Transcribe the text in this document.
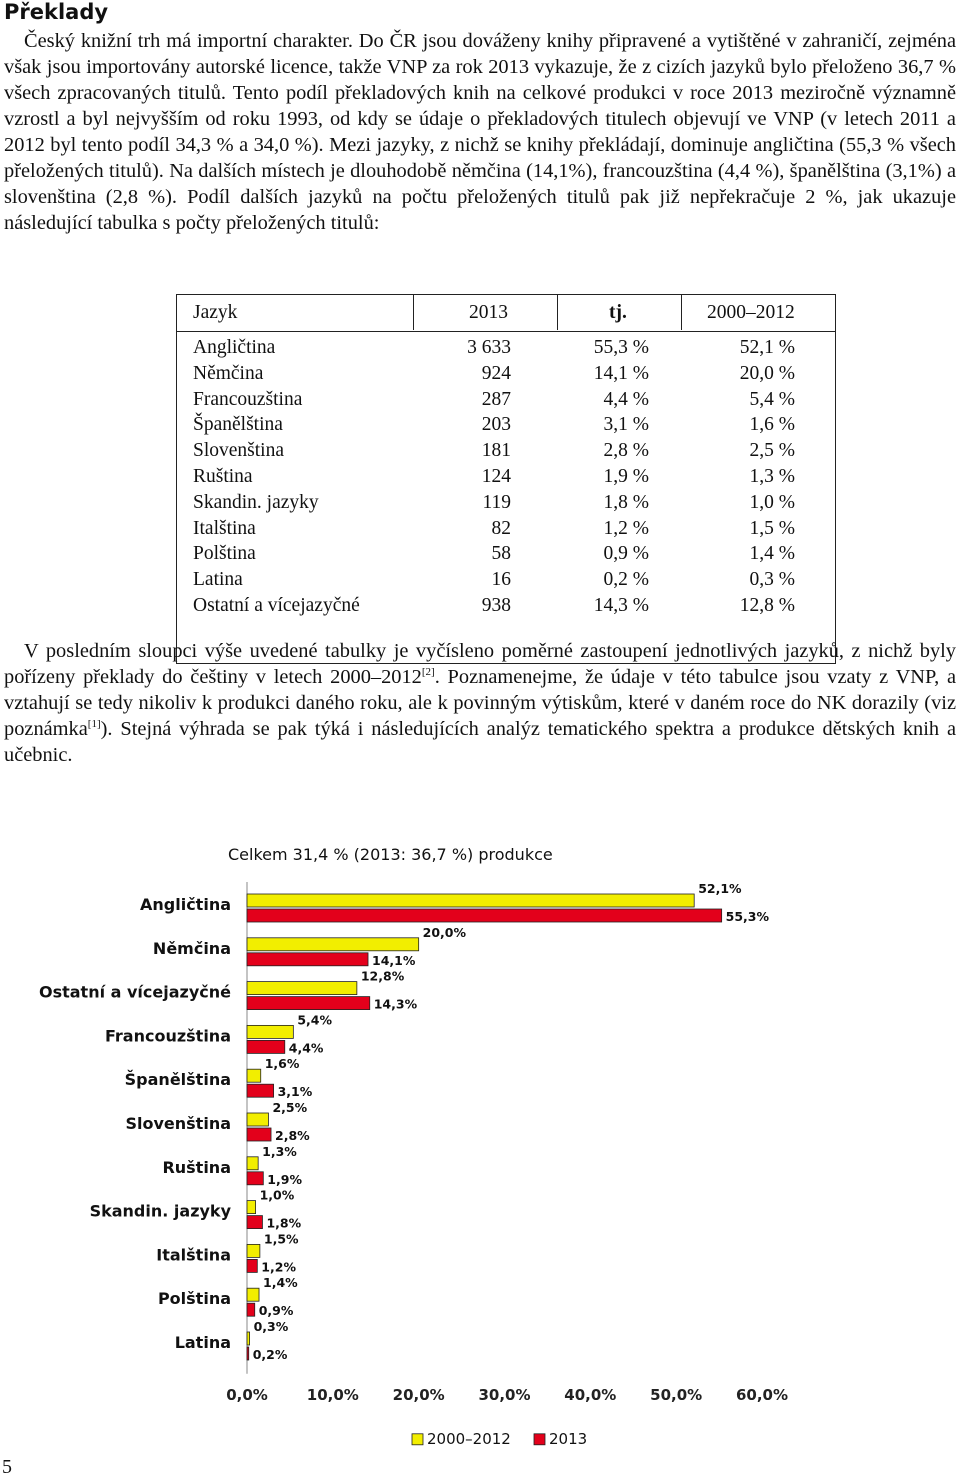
Překlady
Český knižní trh má importní charakter. Do ČR jsou dováženy knihy připravené a vytištěné v zahraničí, zejména však jsou importovány autorské licence, takže VNP za rok 2013 vykazuje, že z cizích jazyků bylo přeloženo 36,7 % všech zpracovaných titulů. Tento podíl překladových knih na celkové produkci v roce 2013 meziročně významně vzrostl a byl nejvyšším od roku 1993, od kdy se údaje o překladových titulech objevují ve VNP (v letech 2011 a 2012 byl tento podíl 34,3 % a 34,0 %). Mezi jazyky, z nichž se knihy překládají, dominuje angličtina (55,3 % všech přeložených titulů). Na dalších místech je dlouhodobě němčina (14,1%), francouzština (4,4 %), španělština (3,1%) a slovenština (2,8 %). Podíl dalších jazyků na počtu přeložených titulů pak již nepřekračuje 2 %, jak ukazuje následující tabulka s počty přeložených titulů:
Jazyk	2013	tj.	2000–2012
Angličtina	3 633	55,3 %	52,1 %
Němčina	924	14,1 %	20,0 %
Francouzština	287	4,4 %	5,4 %
Španělština	203	3,1 %	1,6 %
Slovenština	181	2,8 %	2,5 %
Ruština	124	1,9 %	1,3 %
Skandin. jazyky	119	1,8 %	1,0 %
Italština	82	1,2 %	1,5 %
Polština	58	0,9 %	1,4 %
Latina	16	0,2 %	0,3 %
Ostatní a vícejazyčné	938	14,3 %	12,8 %
V posledním sloupci výše uvedené tabulky je vyčísleno poměrné zastoupení jednotlivých jazyků, z nichž byly pořízeny překlady do češtiny v letech 2000–2012[2]. Poznamenejme, že údaje v této tabulce jsou vzaty z VNP, a vztahují se tedy nikoliv k produkci daného roku, ale k povinným výtiskům, které v daném roce do NK dorazily (viz poznámka[1]). Stejná výhrada se pak týká i následujících analýz tematického spektra a produkce dětských knih a učebnic.
Celkem 31,4 % (2013: 36,7 %) produkce
Angličtina
52,1%
55,3%
Němčina
20,0%
14,1%
Ostatní a vícejazyčné
12,8%
14,3%
Francouzština
5,4%
4,4%
Španělština
1,6%
3,1%
Slovenština
2,5%
2,8%
Ruština
1,3%
1,9%
Skandin. jazyky
1,0%
1,8%
Italština
1,5%
1,2%
Polština
1,4%
0,9%
Latina
0,3%
0,2%
0,0%	10,0% 20,0% 30,0% 40,0% 50,0% 60,0%
2000–2012	2013
5
